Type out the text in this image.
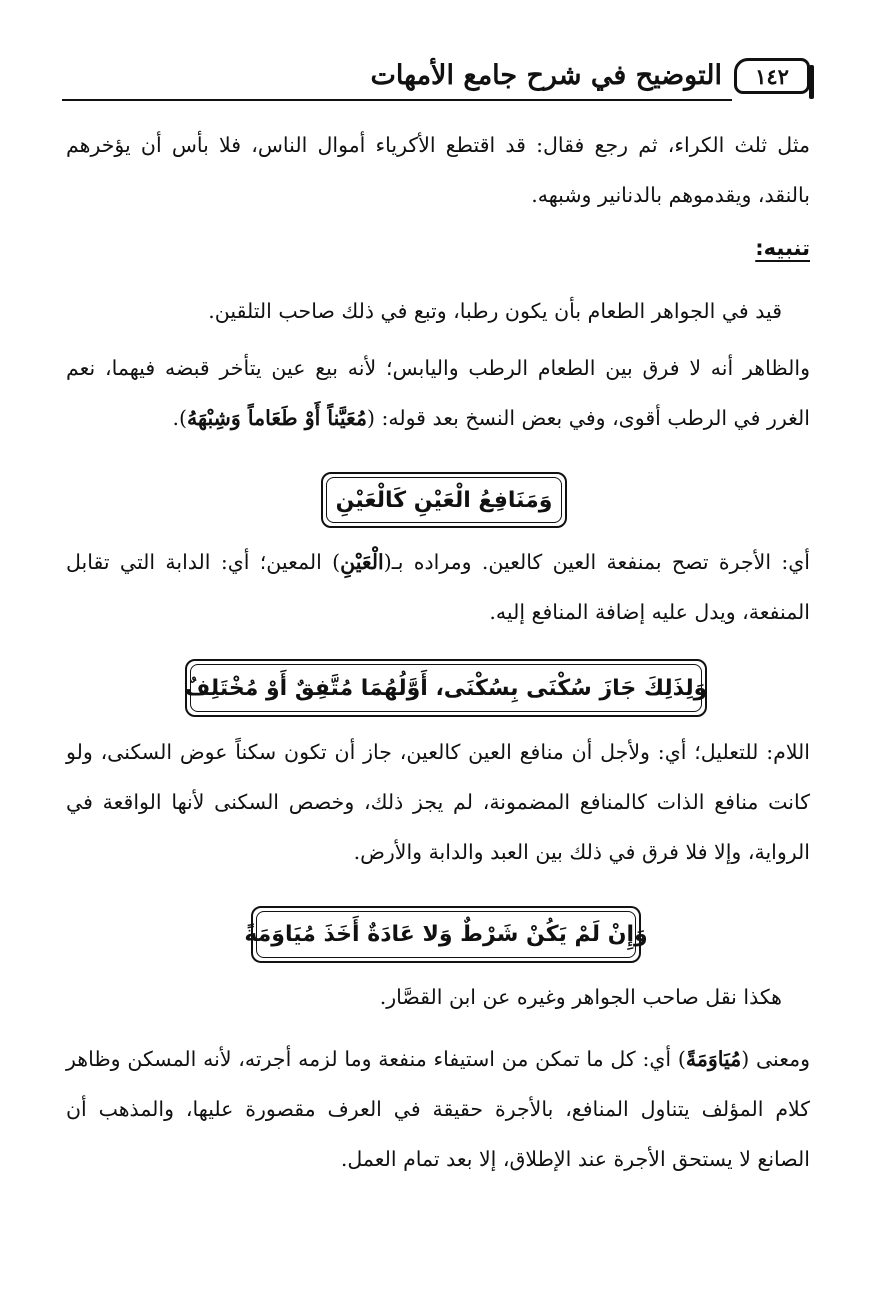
١٤٢
التوضيح في شرح جامع الأمهات

مثل ثلث الكراء، ثم رجع فقال: قد اقتطع الأكرياء أموال الناس، فلا بأس أن يؤخرهم بالنقد، ويقدموهم بالدنانير وشبهه.

تنبيه:

قيد في الجواهر الطعام بأن يكون رطبا، وتبع في ذلك صاحب التلقين.

والظاهر أنه لا فرق بين الطعام الرطب واليابس؛ لأنه بيع عين يتأخر قبضه فيهما، نعم الغرر في الرطب أقوى، وفي بعض النسخ بعد قوله: (مُعَيَّناً أَوْ طَعَاماً وَشِبْهَهُ).

وَمَنَافِعُ الْعَيْنِ كَالْعَيْنِ

أي: الأجرة تصح بمنفعة العين كالعين. ومراده بـ(الْعَيْنِ) المعين؛ أي: الدابة التي تقابل المنفعة، ويدل عليه إضافة المنافع إليه.

وَلِذَلِكَ جَازَ سُكْنَى بِسُكْنَى، أَوَّلُهُمَا مُتَّفِقٌ أَوْ مُخْتَلِفٌ

اللام: للتعليل؛ أي: ولأجل أن منافع العين كالعين، جاز أن تكون سكناً عوض السكنى، ولو كانت منافع الذات كالمنافع المضمونة، لم يجز ذلك، وخصص السكنى لأنها الواقعة في الرواية، وإلا فلا فرق في ذلك بين العبد والدابة والأرض.

وَإِنْ لَمْ يَكُنْ شَرْطٌ وَلا عَادَةٌ أَخَذَ مُيَاوَمَةً

هكذا نقل صاحب الجواهر وغيره عن ابن القصَّار.

ومعنى (مُيَاوَمَةً) أي: كل ما تمكن من استيفاء منفعة وما لزمه أجرته، لأنه المسكن وظاهر كلام المؤلف يتناول المنافع، بالأجرة حقيقة في العرف مقصورة عليها، والمذهب أن الصانع لا يستحق الأجرة عند الإطلاق، إلا بعد تمام العمل.
